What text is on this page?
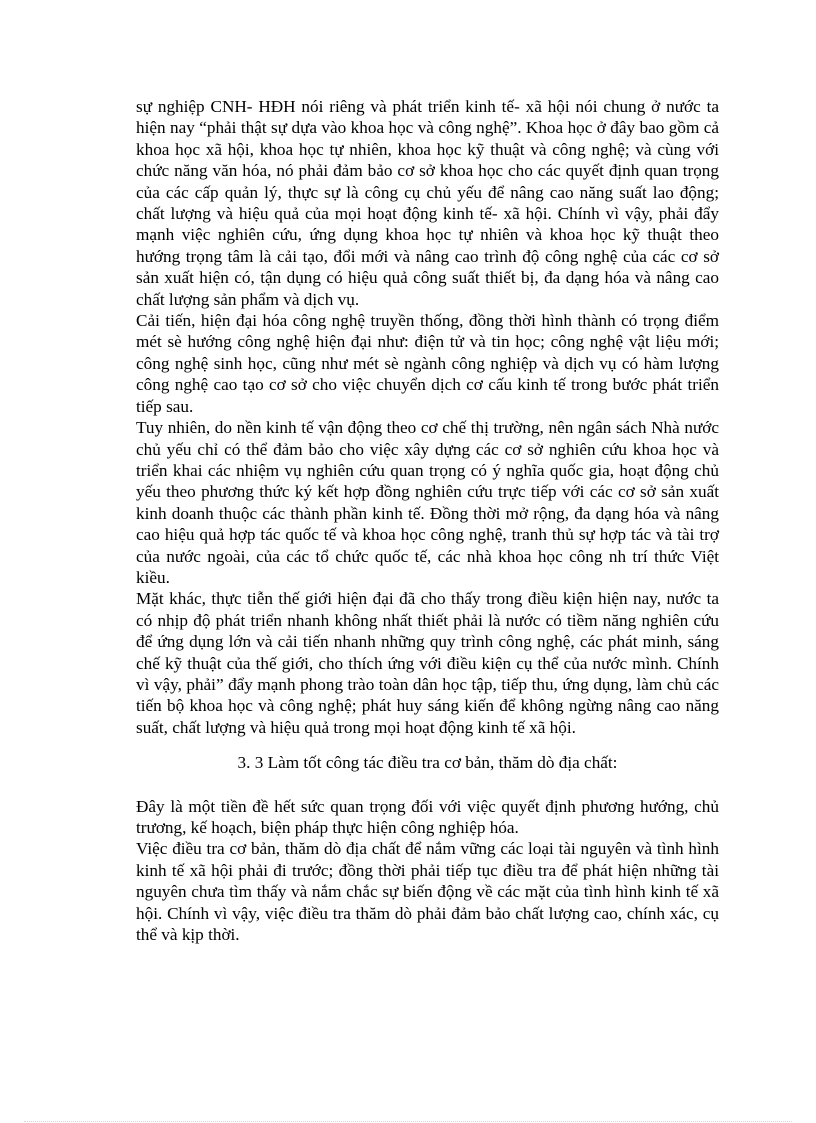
sự nghiệp CNH- HĐH nói riêng và phát triển kinh tế- xã hội nói chung ở nước ta hiện nay “phải thật sự dựa vào khoa học và công nghệ”. Khoa học ở đây bao gồm cả khoa học xã hội, khoa học tự nhiên, khoa học kỹ thuật và công nghệ; và cùng với chức năng văn hóa, nó phải đảm bảo cơ sở khoa học cho các quyết định quan trọng của các cấp quản lý, thực sự là công cụ chủ yếu để nâng cao năng suất lao động; chất lượng và hiệu quả của mọi hoạt động kinh tế- xã hội. Chính vì vậy, phải đẩy mạnh việc nghiên cứu, ứng dụng khoa học tự nhiên và khoa học kỹ thuật theo hướng trọng tâm là cải tạo, đổi mới và nâng cao trình độ công nghệ của các cơ sở sản xuất hiện có, tận dụng có hiệu quả công suất thiết bị, đa dạng hóa và nâng cao chất lượng sản phẩm và dịch vụ.

Cải tiến, hiện đại hóa công nghệ truyền thống, đồng thời hình thành có trọng điểm mét sè hướng công nghệ hiện đại như: điện tử và tin học; công nghệ vật liệu mới; công nghệ sinh học, cũng như mét sè ngành công nghiệp và dịch vụ có hàm lượng công nghệ cao tạo cơ sở cho việc chuyển dịch cơ cấu kinh tế trong bước phát triển tiếp sau.

Tuy nhiên, do nền kinh tế vận động theo cơ chế thị trường, nên ngân sách Nhà nước chủ yếu chỉ có thể đảm bảo cho việc xây dựng các cơ sở nghiên cứu khoa học và triển khai các nhiệm vụ nghiên cứu quan trọng có ý nghĩa quốc gia, hoạt động chủ yếu theo phương thức ký kết hợp đồng nghiên cứu trực tiếp với các cơ sở sản xuất kinh doanh thuộc các thành phần kinh tế. Đồng thời mở rộng, đa dạng hóa và nâng cao hiệu quả hợp tác quốc tế và khoa học công nghệ, tranh thủ sự hợp tác và tài trợ của nước ngoài, của các tổ chức quốc tế, các nhà khoa học công nh trí thức Việt kiều.

Mặt khác, thực tiễn thế giới hiện đại đã cho thấy trong điều kiện hiện nay, nước ta có nhịp độ phát triển nhanh không nhất thiết phải là nước có tiềm năng nghiên cứu để ứng dụng lớn và cải tiến nhanh những quy trình công nghệ, các phát minh, sáng chế kỹ thuật của thế giới, cho thích ứng với điều kiện cụ thể của nước mình. Chính vì vậy, phải” đẩy mạnh phong trào toàn dân học tập, tiếp thu, ứng dụng, làm chủ các tiến bộ khoa học và công nghệ; phát huy sáng kiến để không ngừng nâng cao năng suất, chất lượng và hiệu quả trong mọi hoạt động kinh tế xã hội.

3. 3 Làm tốt công tác điều tra cơ bản, thăm dò địa chất:

Đây là một tiền đề hết sức quan trọng đối với việc quyết định phương hướng, chủ trương, kế hoạch, biện pháp thực hiện công nghiệp hóa.

Việc điều tra cơ bản, thăm dò địa chất để nắm vững các loại tài nguyên và tình hình kinh tế xã hội phải đi trước; đồng thời phải tiếp tục điều tra để phát hiện những tài nguyên chưa tìm thấy và nắm chắc sự biến động về các mặt của tình hình kinh tế xã hội. Chính vì vậy, việc điều tra thăm dò phải đảm bảo chất lượng cao, chính xác, cụ thể và kịp thời.
